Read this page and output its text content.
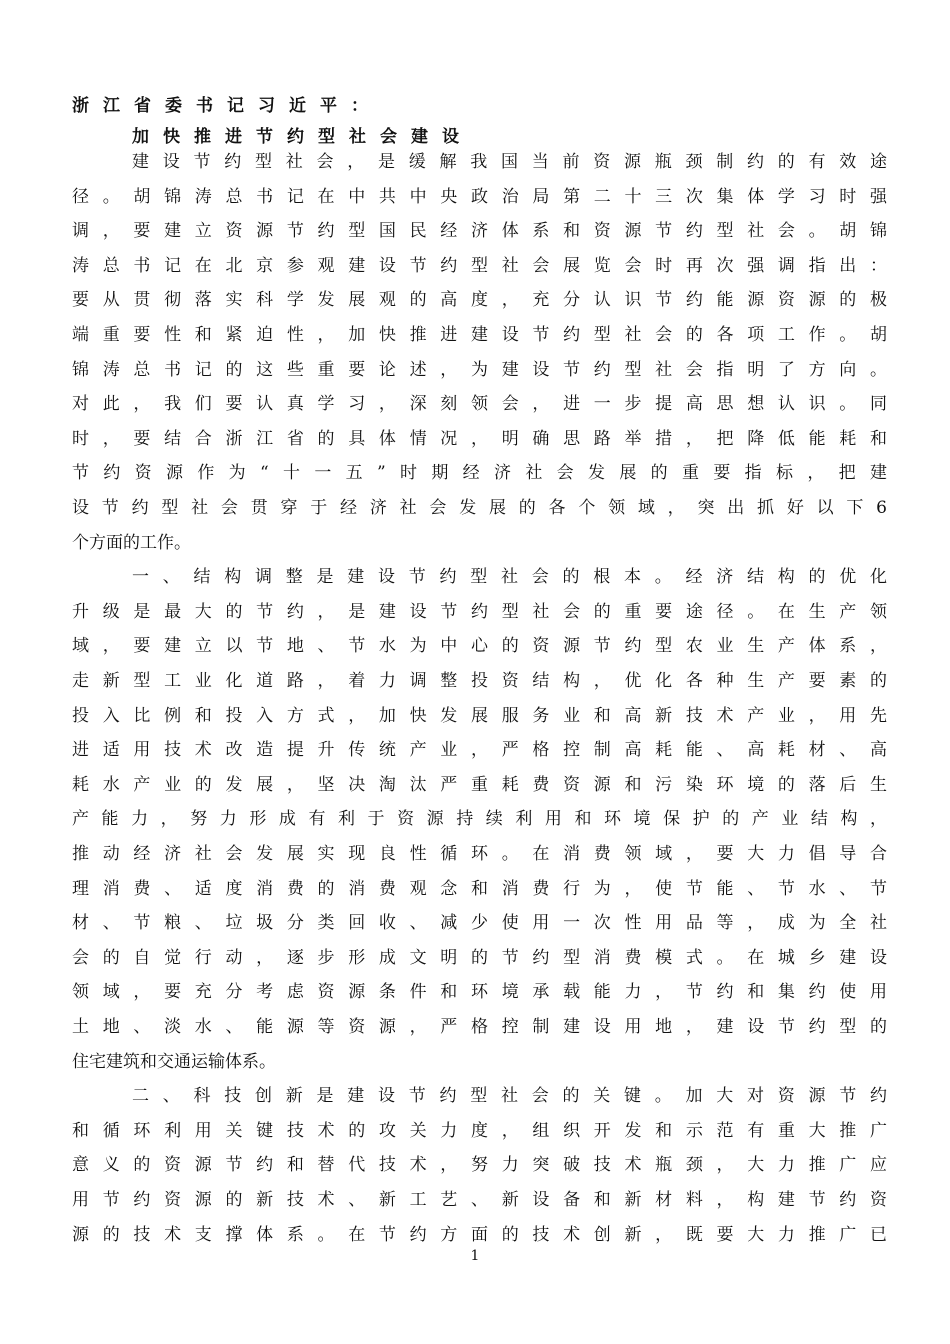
浙江省委书记习近平：
加快推进节约型社会建设
建设节约型社会，是缓解我国当前资源瓶颈制约的有效途
径。胡锦涛总书记在中共中央政治局第二十三次集体学习时强
调，要建立资源节约型国民经济体系和资源节约型社会。胡锦
涛总书记在北京参观建设节约型社会展览会时再次强调指出：
要从贯彻落实科学发展观的高度，充分认识节约能源资源的极
端重要性和紧迫性，加快推进建设节约型社会的各项工作。胡
锦涛总书记的这些重要论述，为建设节约型社会指明了方向。
对此，我们要认真学习，深刻领会，进一步提高思想认识。同
时，要结合浙江省的具体情况，明确思路举措，把降低能耗和
节约资源作为“十一五”时期经济社会发展的重要指标，把建
设节约型社会贯穿于经济社会发展的各个领域，突出抓好以下6
个方面的工作。
一、结构调整是建设节约型社会的根本。经济结构的优化
升级是最大的节约，是建设节约型社会的重要途径。在生产领
域，要建立以节地、节水为中心的资源节约型农业生产体系，
走新型工业化道路，着力调整投资结构，优化各种生产要素的
投入比例和投入方式，加快发展服务业和高新技术产业，用先
进适用技术改造提升传统产业，严格控制高耗能、高耗材、高
耗水产业的发展，坚决淘汰严重耗费资源和污染环境的落后生
产能力，努力形成有利于资源持续利用和环境保护的产业结构，
推动经济社会发展实现良性循环。在消费领域，要大力倡导合
理消费、适度消费的消费观念和消费行为，使节能、节水、节
材、节粮、垃圾分类回收、减少使用一次性用品等，成为全社
会的自觉行动，逐步形成文明的节约型消费模式。在城乡建设
领域，要充分考虑资源条件和环境承载能力，节约和集约使用
土地、淡水、能源等资源，严格控制建设用地，建设节约型的
住宅建筑和交通运输体系。
二、科技创新是建设节约型社会的关键。加大对资源节约
和循环利用关键技术的攻关力度，组织开发和示范有重大推广
意义的资源节约和替代技术，努力突破技术瓶颈，大力推广应
用节约资源的新技术、新工艺、新设备和新材料，构建节约资
源的技术支撑体系。在节约方面的技术创新，既要大力推广已
1
